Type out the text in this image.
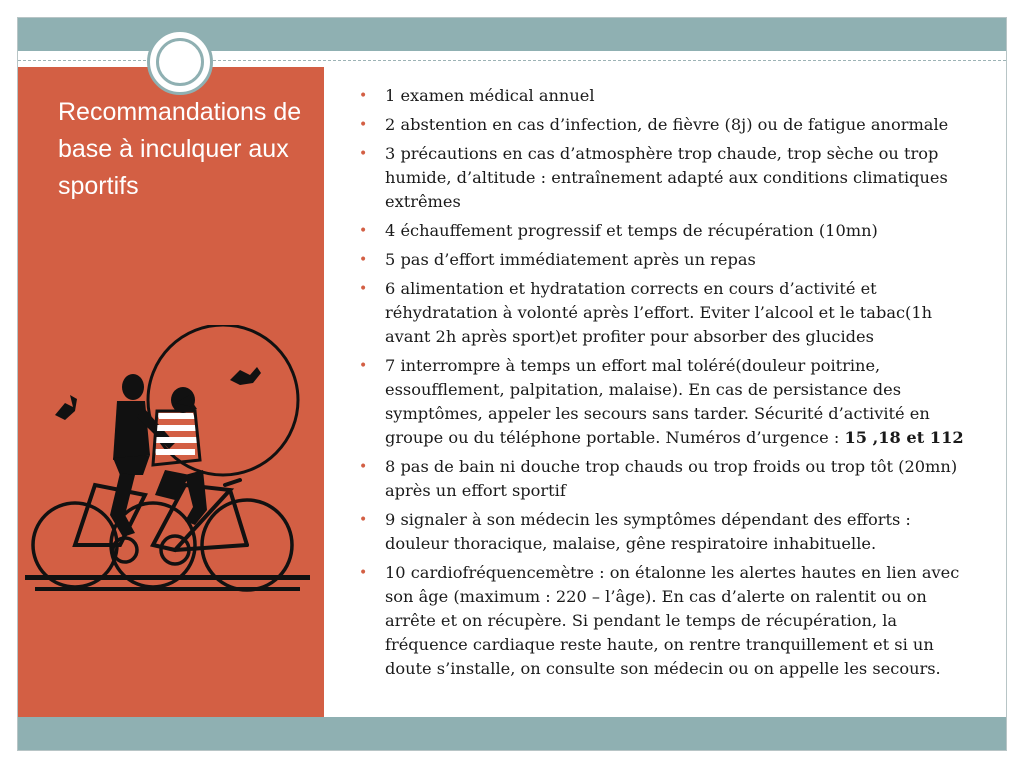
Recommandations de base à inculquer aux sportifs
• 1 examen médical annuel
• 2 abstention en cas d’infection, de fièvre (8j) ou de fatigue anormale
• 3 précautions en cas d’atmosphère trop chaude, trop sèche ou trop humide, d’altitude : entraînement adapté aux conditions climatiques extrêmes
• 4 échauffement progressif et temps de récupération (10mn)
• 5 pas d’effort immédiatement après un repas
• 6 alimentation et hydratation corrects en cours d’activité et réhydratation à volonté après l’effort. Eviter l’alcool et le tabac(1h avant 2h après sport)et profiter pour absorber des glucides
• 7 interrompre à temps un effort mal toléré(douleur poitrine, essoufflement, palpitation, malaise). En cas de persistance des symptômes, appeler les secours sans tarder. Sécurité d’activité en groupe ou du téléphone portable. Numéros d’urgence : 15 ,18 et 112
• 8 pas de bain ni douche trop chauds ou trop froids ou trop tôt (20mn) après un effort sportif
• 9 signaler à son médecin les symptômes dépendant des efforts : douleur thoracique, malaise, gêne respiratoire inhabituelle.
• 10 cardiofréquencemètre : on étalonne les alertes hautes en lien avec son âge (maximum : 220 – l’âge). En cas d’alerte on ralentit ou on arrête et on récupère. Si pendant le temps de récupération, la fréquence cardiaque reste haute, on rentre tranquillement et si un doute s’installe, on consulte son médecin ou on appelle les secours.
